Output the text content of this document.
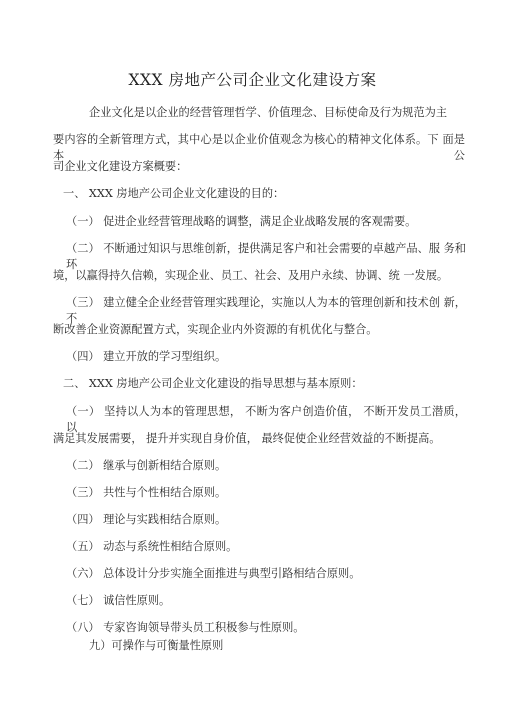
XXX 房地产公司企业文化建设方案
企业文化是以企业的经营管理哲学、价值理念、目标使命及行为规范为主
要内容的全新管理方式，其中心是以企业价值观念为核心的精神文化体系。下 面是本公
司企业文化建设方案概要：
一、 XXX 房地产公司企业文化建设的目的：
（一） 促进企业经营管理战略的调整，满足企业战略发展的客观需要。
（二） 不断通过知识与思维创新，提供满足客户和社会需要的卓越产品、服 务和环
境，以赢得持久信赖，实现企业、员工、社会、及用户永续、协调、统 一发展。
（三） 建立健全企业经营管理实践理论，实施以人为本的管理创新和技术创 新，不
断改善企业资源配置方式，实现企业内外资源的有机优化与整合。
（四） 建立开放的学习型组织。
二、 XXX 房地产公司企业文化建设的指导思想与基本原则：
（一） 坚持以人为本的管理思想， 不断为客户创造价值， 不断开发员工潜质， 以
满足其发展需要， 提升并实现自身价值， 最终促使企业经营效益的不断提高。
（二） 继承与创新相结合原则。
（三） 共性与个性相结合原则。
（四） 理论与实践相结合原则。
（五） 动态与系统性相结合原则。
（六） 总体设计分步实施全面推进与典型引路相结合原则。
（七） 诚信性原则。
（八） 专家咨询领导带头员工积极参与性原则。
九）可操作与可衡量性原则
